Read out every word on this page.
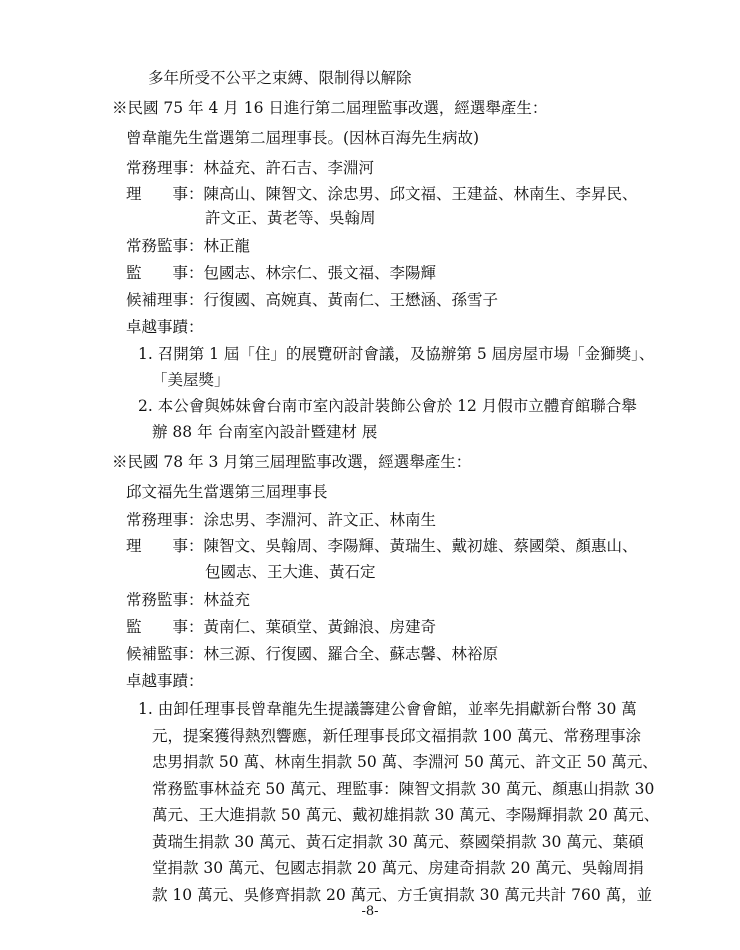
多年所受不公平之束縛、限制得以解除
※民國 75 年 4 月 16 日進行第二屆理監事改選，經選舉產生：
曾韋龍先生當選第二屆理事長。(因林百海先生病故)
常務理事：林益充、許石吉、李淵河
理　　事：陳高山、陳智文、涂忠男、邱文福、王建益、林南生、李昇民、
許文正、黃老等、吳翰周
常務監事：林正龍
監　　事：包國志、林宗仁、張文福、李陽輝
候補理事：行復國、高婉真、黃南仁、王懋涵、孫雪子
卓越事蹟：
1. 召開第 1 屆「住」的展覽研討會議，及協辦第 5 屆房屋市場「金獅獎」、
「美屋獎」
2. 本公會與姊妹會台南市室內設計裝飾公會於 12 月假市立體育館聯合舉
辦 88 年 台南室內設計暨建材 展
※民國 78 年 3 月第三屆理監事改選，經選舉產生：
邱文福先生當選第三屆理事長
常務理事：涂忠男、李淵河、許文正、林南生
理　　事：陳智文、吳翰周、李陽輝、黃瑞生、戴初雄、蔡國榮、顏惠山、
包國志、王大進、黃石定
常務監事：林益充
監　　事：黃南仁、葉碩堂、黃錦浪、房建奇
候補監事：林三源、行復國、羅合全、蘇志馨、林裕原
卓越事蹟：
1. 由卸任理事長曾韋龍先生提議籌建公會會館，並率先捐獻新台幣 30 萬
元，提案獲得熱烈響應，新任理事長邱文福捐款 100 萬元、常務理事涂
忠男捐款 50 萬、林南生捐款 50 萬、李淵河 50 萬元、許文正 50 萬元、
常務監事林益充 50 萬元、理監事：陳智文捐款 30 萬元、顏惠山捐款 30
萬元、王大進捐款 50 萬元、戴初雄捐款 30 萬元、李陽輝捐款 20 萬元、
黃瑞生捐款 30 萬元、黃石定捐款 30 萬元、蔡國榮捐款 30 萬元、葉碩
堂捐款 30 萬元、包國志捐款 20 萬元、房建奇捐款 20 萬元、吳翰周捐
款 10 萬元、吳修齊捐款 20 萬元、方壬寅捐款 30 萬元共計 760 萬，並
-8-
